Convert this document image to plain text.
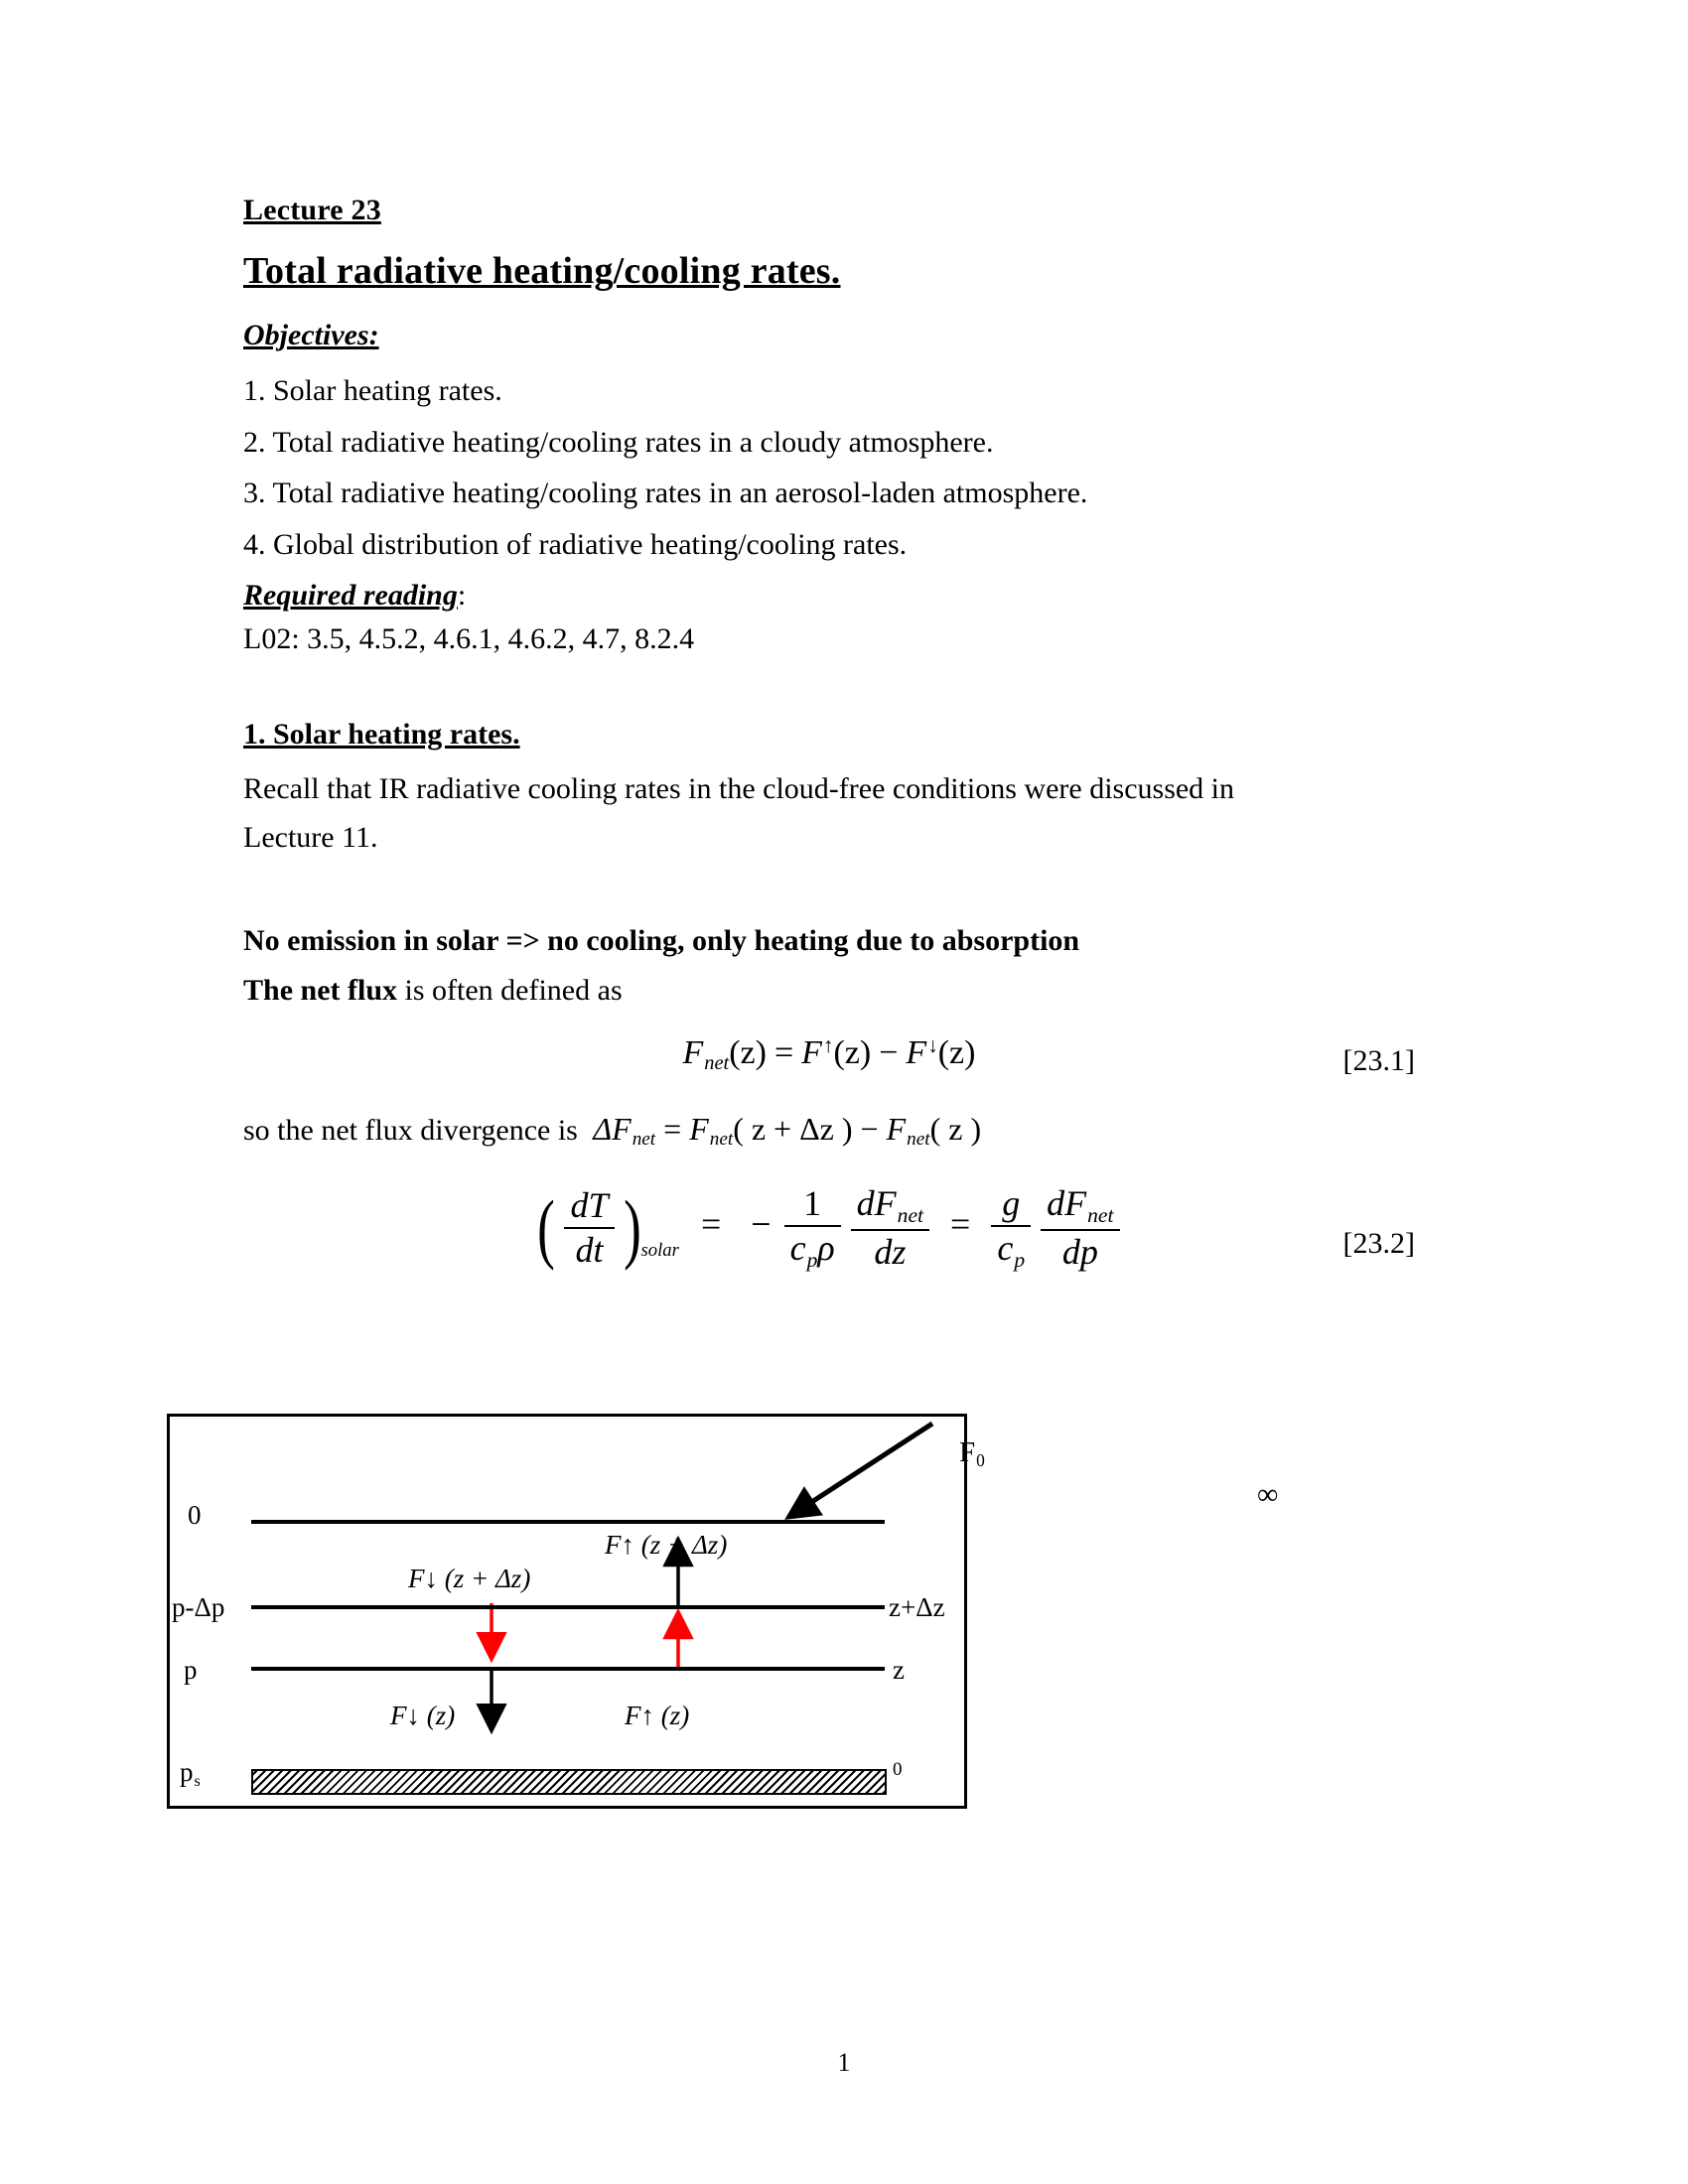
Lecture 23
Total radiative heating/cooling rates.
Objectives:

1. Solar heating rates.

2. Total radiative heating/cooling rates in a cloudy atmosphere.

3. Total radiative heating/cooling rates in an aerosol-laden atmosphere.

4. Global distribution of radiative heating/cooling rates.

Required reading:

L02: 3.5, 4.5.2, 4.6.1, 4.6.2, 4.7, 8.2.4

1. Solar heating rates.

Recall that IR radiative cooling rates in the cloud-free conditions were discussed in

Lecture 11.

No emission in solar => no cooling, only heating due to absorption

The net flux is often defined as

$F_{net}(z) = F^↑(z) - F^↓(z)$	[23.1]

so the net flux divergence is $\Delta F_{net} = F_{net}$( z + Δz ) − $F_{net}$( z )

( $\frac{dT}{dt} )_{solar}= - \frac{1}{c_p\rho} \frac{dF_{net}}{dz} = \frac{g}{c_p} \frac{dF_{net}}{dp}$	[23.2]
0
p-Δp	z+Δz
p	z
$p_s$
0
$F_0$
∞
F↑ (z + Δz)
F↓ (z + Δz)
F↓ (z)	F↑ (z)
1
